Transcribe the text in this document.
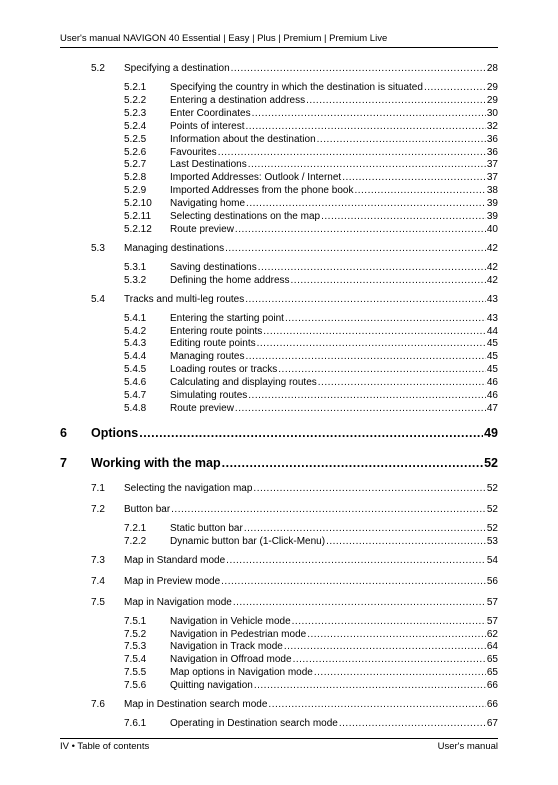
User's manual NAVIGON 40 Essential | Easy | Plus | Premium | Premium Live
5.2 Specifying a destination .....	28
5.2.1 Specifying the country in which the destination is situated .....	29
5.2.2 Entering a destination address .....	29
5.2.3 Enter Coordinates .....	30
5.2.4 Points of interest .....	32
5.2.5 Information about the destination .....	36
5.2.6 Favourites .....	36
5.2.7 Last Destinations .....	37
5.2.8 Imported Addresses: Outlook / Internet .....	37
5.2.9 Imported Addresses from the phone book .....	38
5.2.10 Navigating home .....	39
5.2.11 Selecting destinations on the map .....	39
5.2.12 Route preview .....	40
5.3 Managing destinations .....	42
5.3.1 Saving destinations .....	42
5.3.2 Defining the home address .....	42
5.4 Tracks and multi-leg routes .....	43
5.4.1 Entering the starting point .....	43
5.4.2 Entering route points .....	44
5.4.3 Editing route points .....	45
5.4.4 Managing routes .....	45
5.4.5 Loading routes or tracks .....	45
5.4.6 Calculating and displaying routes .....	46
5.4.7 Simulating routes .....	46
5.4.8 Route preview .....	47
6 Options .....	49
7 Working with the map .....	52
7.1 Selecting the navigation map .....	52
7.2 Button bar .....	52
7.2.1 Static button bar .....	52
7.2.2 Dynamic button bar (1-Click-Menu) .....	53
7.3 Map in Standard mode .....	54
7.4 Map in Preview mode .....	56
7.5 Map in Navigation mode .....	57
7.5.1 Navigation in Vehicle mode .....	57
7.5.2 Navigation in Pedestrian mode .....	62
7.5.3 Navigation in Track mode .....	64
7.5.4 Navigation in Offroad mode .....	65
7.5.5 Map options in Navigation mode .....	65
7.5.6 Quitting navigation .....	66
7.6 Map in Destination search mode .....	66
7.6.1 Operating in Destination search mode .....	67
IV • Table of contents	User's manual
